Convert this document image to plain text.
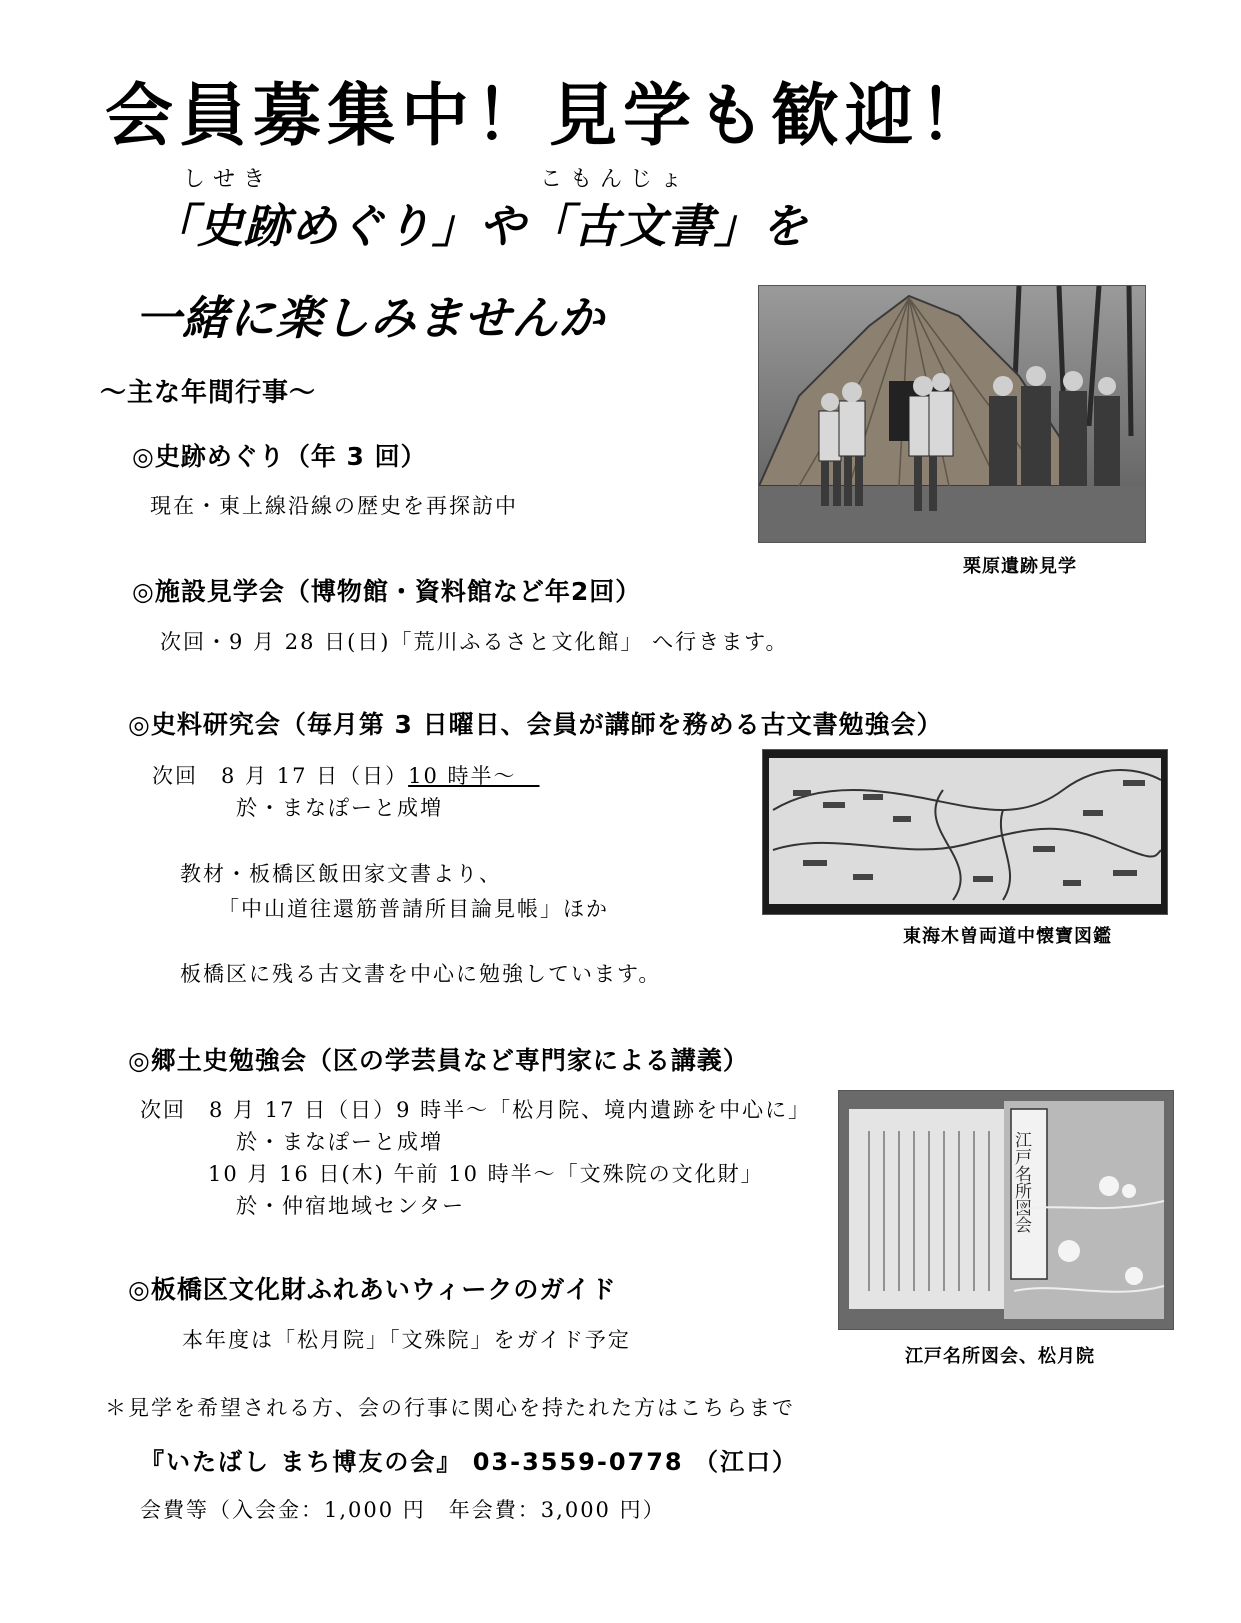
会員募集中！見学も歓迎！
しせき	こもんじょ
「史跡めぐり」や「古文書」を
一緒に楽しみませんか
～主な年間行事～
栗原遺跡見学
◎史跡めぐり（年 3 回）
現在・東上線沿線の歴史を再探訪中
◎施設見学会（博物館・資料館など年2回）
次回・9 月 28 日(日)「荒川ふるさと文化館」 へ行きます。
◎史料研究会（毎月第 3 日曜日、会員が講師を務める古文書勉強会）
次回　8 月 17 日（日）10 時半～ 
於・まなぽーと成増
教材・板橋区飯田家文書より、
「中山道往還筋普請所目論見帳」ほか
板橋区に残る古文書を中心に勉強しています。
東海木曽両道中懐寶図鑑
◎郷土史勉強会（区の学芸員など専門家による講義）
次回　8 月 17 日（日）9 時半～「松月院、境内遺跡を中心に」
於・まなぽーと成増
10 月 16 日(木) 午前 10 時半～「文殊院の文化財」
於・仲宿地域センター
◎板橋区文化財ふれあいウィークのガイド
本年度は「松月院」「文殊院」をガイド予定
江戸名所図会
江戸名所図会、松月院
＊見学を希望される方、会の行事に関心を持たれた方はこちらまで
『いたばし まち博友の会』 03-3559-0778 （江口）
会費等（入会金：1,000 円　年会費：3,000 円）
